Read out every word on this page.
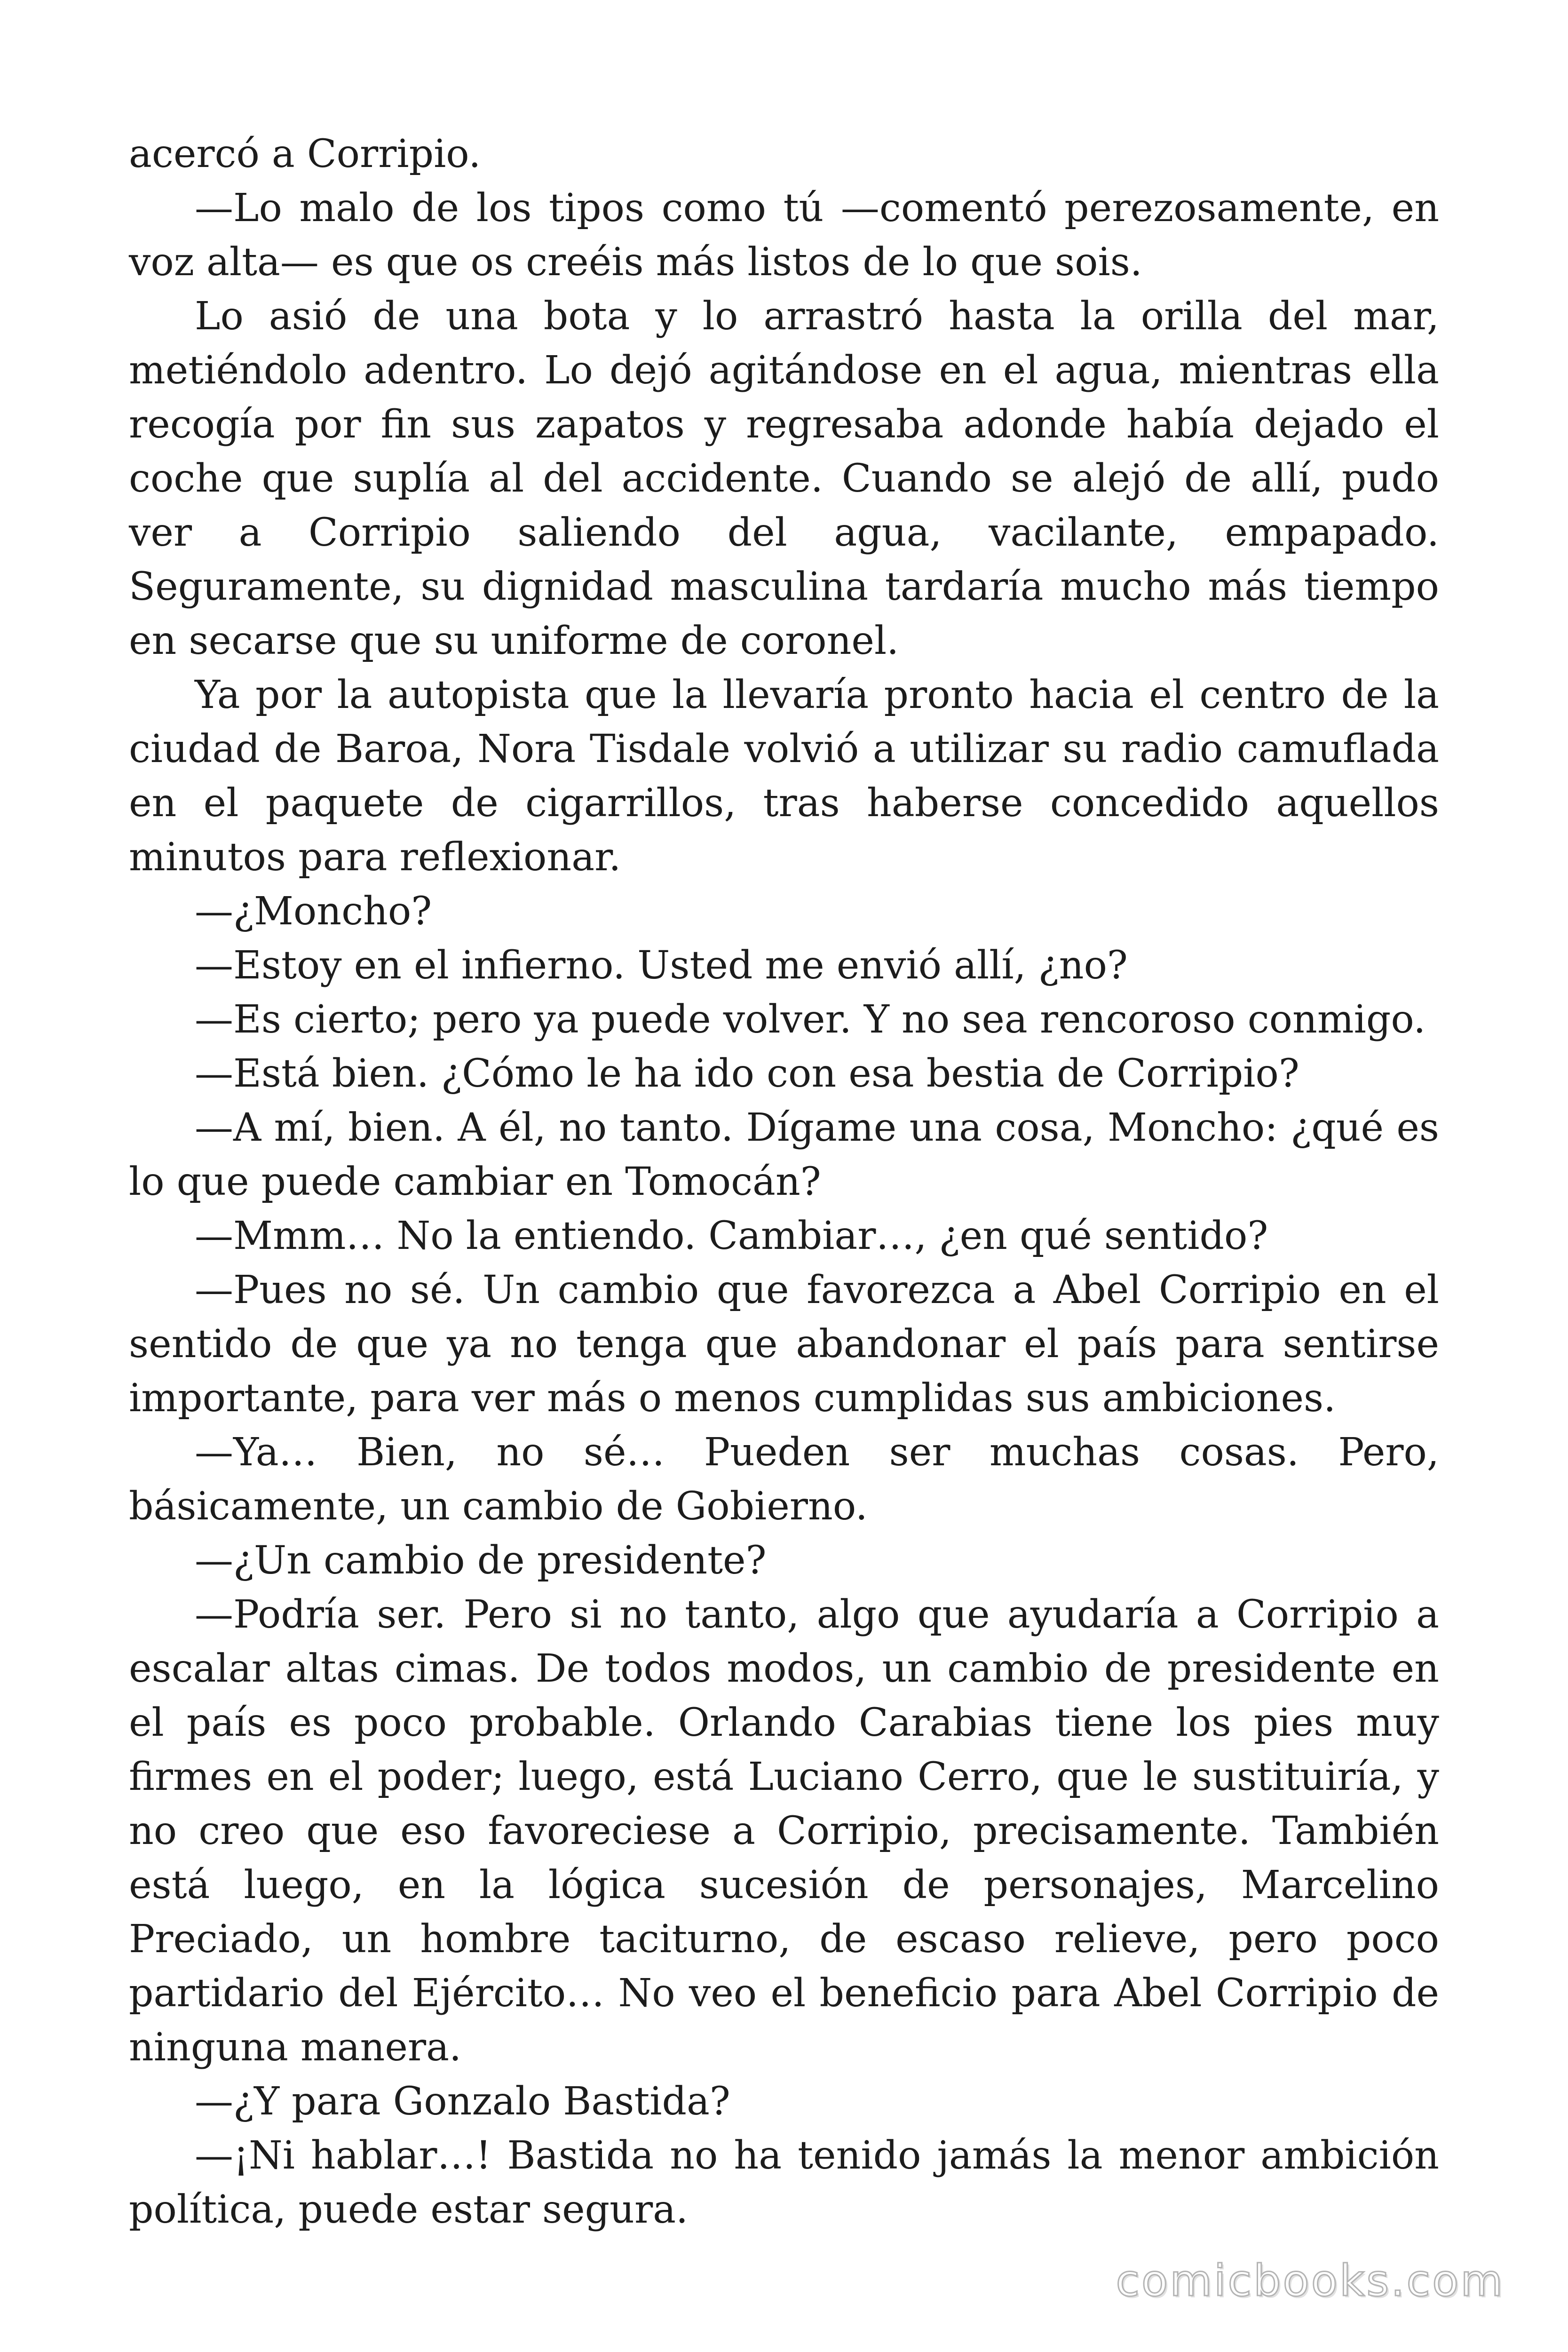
acercó a Corripio.

—Lo malo de los tipos como tú —comentó perezosamente, en voz alta— es que os creéis más listos de lo que sois.

Lo asió de una bota y lo arrastró hasta la orilla del mar, metiéndolo adentro. Lo dejó agitándose en el agua, mientras ella recogía por fin sus zapatos y regresaba adonde había dejado el coche que suplía al del accidente. Cuando se alejó de allí, pudo ver a Corripio saliendo del agua, vacilante, empapado. Seguramente, su dignidad masculina tardaría mucho más tiempo en secarse que su uniforme de coronel.

Ya por la autopista que la llevaría pronto hacia el centro de la ciudad de Baroa, Nora Tisdale volvió a utilizar su radio camuflada en el paquete de cigarrillos, tras haberse concedido aquellos minutos para reflexionar.

—¿Moncho?

—Estoy en el infierno. Usted me envió allí, ¿no?

—Es cierto; pero ya puede volver. Y no sea rencoroso conmigo.

—Está bien. ¿Cómo le ha ido con esa bestia de Corripio?

—A mí, bien. A él, no tanto. Dígame una cosa, Moncho: ¿qué es lo que puede cambiar en Tomocán?

—Mmm… No la entiendo. Cambiar…, ¿en qué sentido?

—Pues no sé. Un cambio que favorezca a Abel Corripio en el sentido de que ya no tenga que abandonar el país para sentirse importante, para ver más o menos cumplidas sus ambiciones.

—Ya… Bien, no sé… Pueden ser muchas cosas. Pero, básicamente, un cambio de Gobierno.

—¿Un cambio de presidente?

—Podría ser. Pero si no tanto, algo que ayudaría a Corripio a escalar altas cimas. De todos modos, un cambio de presidente en el país es poco probable. Orlando Carabias tiene los pies muy firmes en el poder; luego, está Luciano Cerro, que le sustituiría, y no creo que eso favoreciese a Corripio, precisamente. También está luego, en la lógica sucesión de personajes, Marcelino Preciado, un hombre taciturno, de escaso relieve, pero poco partidario del Ejército… No veo el beneficio para Abel Corripio de ninguna manera.

—¿Y para Gonzalo Bastida?

—¡Ni hablar…! Bastida no ha tenido jamás la menor ambición política, puede estar segura.

comicbooks.com
